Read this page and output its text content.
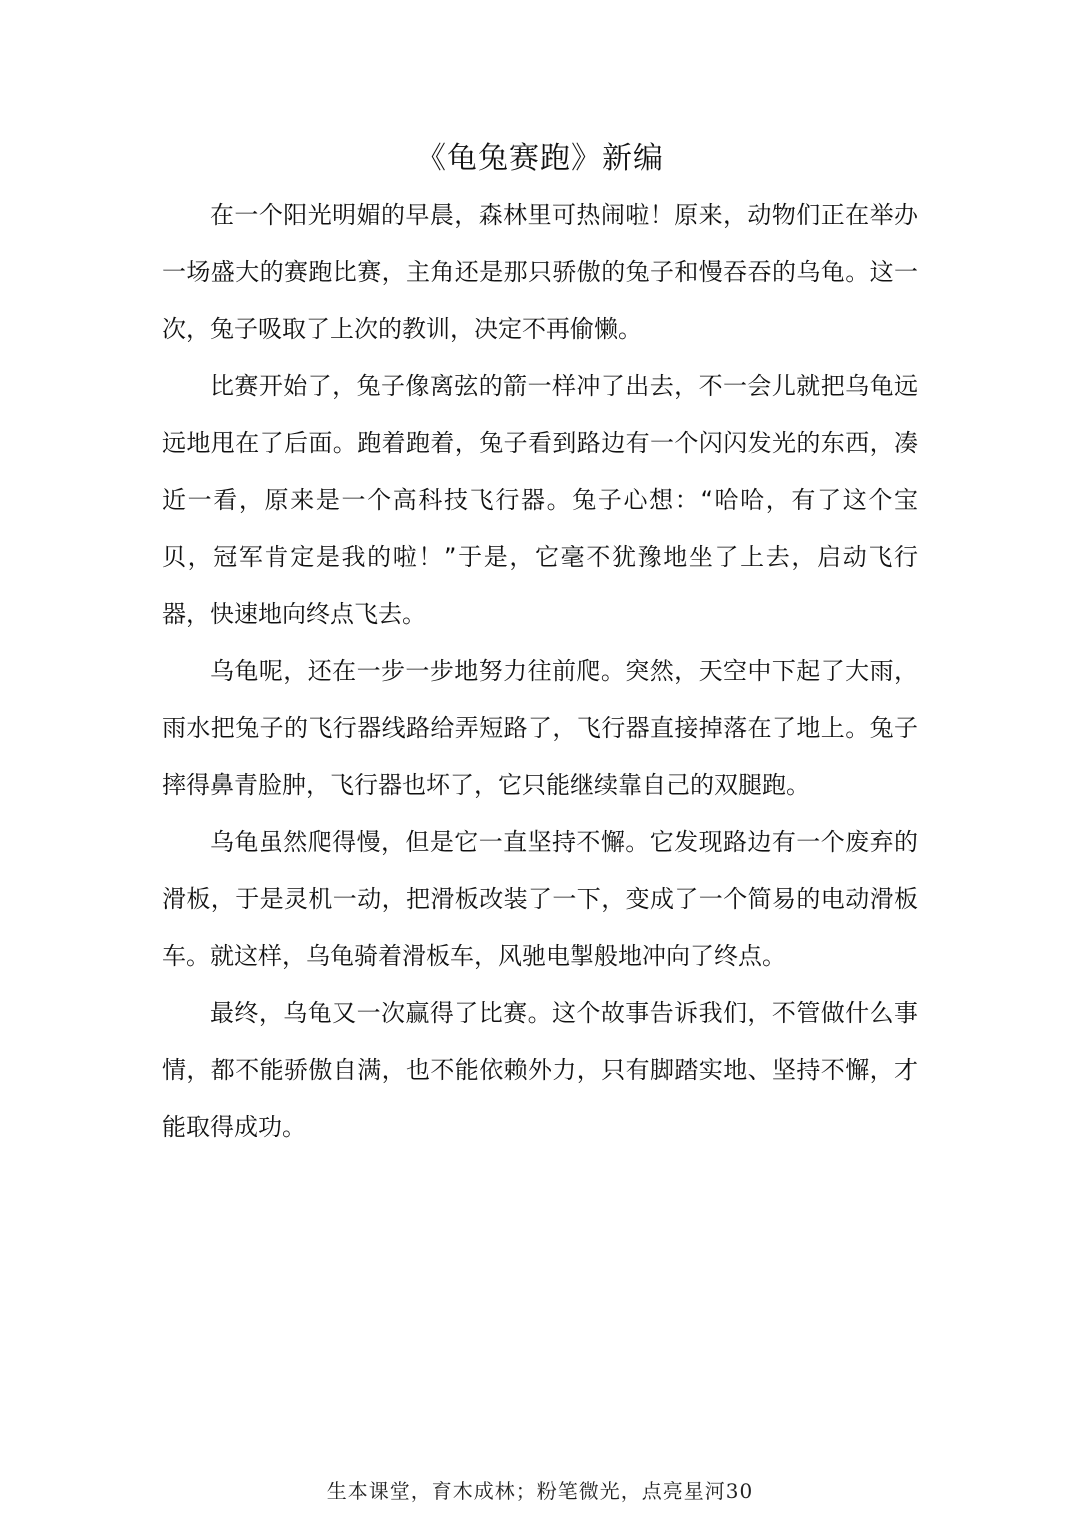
《龟兔赛跑》新编

在一个阳光明媚的早晨，森林里可热闹啦！原来，动物们正在举办一场盛大的赛跑比赛，主角还是那只骄傲的兔子和慢吞吞的乌龟。这一次，兔子吸取了上次的教训，决定不再偷懒。

比赛开始了，兔子像离弦的箭一样冲了出去，不一会儿就把乌龟远远地甩在了后面。跑着跑着，兔子看到路边有一个闪闪发光的东西，凑近一看，原来是一个高科技飞行器。兔子心想：“哈哈，有了这个宝贝，冠军肯定是我的啦！”于是，它毫不犹豫地坐了上去，启动飞行器，快速地向终点飞去。

乌龟呢，还在一步一步地努力往前爬。突然，天空中下起了大雨，雨水把兔子的飞行器线路给弄短路了，飞行器直接掉落在了地上。兔子摔得鼻青脸肿，飞行器也坏了，它只能继续靠自己的双腿跑。

乌龟虽然爬得慢，但是它一直坚持不懈。它发现路边有一个废弃的滑板，于是灵机一动，把滑板改装了一下，变成了一个简易的电动滑板车。就这样，乌龟骑着滑板车，风驰电掣般地冲向了终点。

最终，乌龟又一次赢得了比赛。这个故事告诉我们，不管做什么事情，都不能骄傲自满，也不能依赖外力，只有脚踏实地、坚持不懈，才能取得成功。

生本课堂，育木成林；粉笔微光，点亮星河30
